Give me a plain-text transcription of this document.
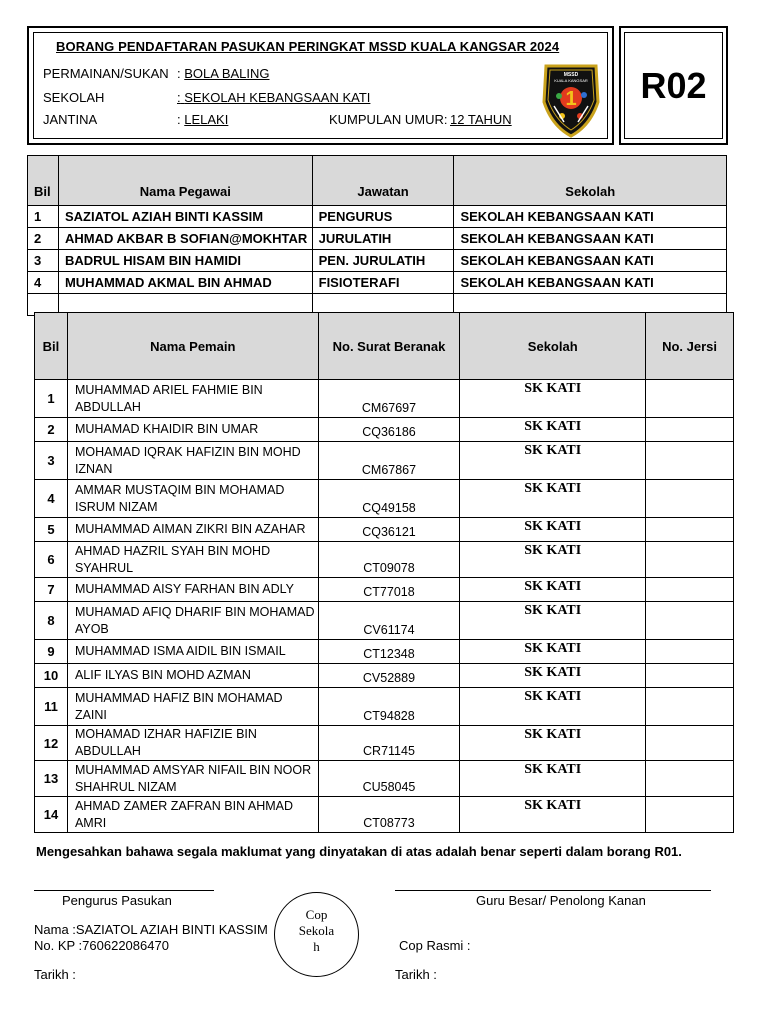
R02
BORANG PENDAFTARAN PASUKAN PERINGKAT MSSD KUALA KANGSAR 2024
PERMAINAN/SUKAN : BOLA BALING
SEKOLAH	: SEKOLAH KEBANGSAAN KATI
JANTINA	: LELAKI	KUMPULAN UMUR: 12 TAHUN
MSSD
KUALA KANGSAR
1
Bil	Nama Pegawai	Jawatan	Sekolah
1	SAZIATOL AZIAH BINTI KASSIM	PENGURUS	SEKOLAH KEBANGSAAN KATI
2	AHMAD AKBAR B SOFIAN@MOKHTAR	JURULATIH	SEKOLAH KEBANGSAAN KATI
3	BADRUL HISAM BIN HAMIDI	PEN. JURULATIH	SEKOLAH KEBANGSAAN KATI
4	MUHAMMAD AKMAL BIN AHMAD	FISIOTERAFI	SEKOLAH KEBANGSAAN KATI

Bil	Nama Pemain	No. Surat Beranak	Sekolah	No. Jersi
1	MUHAMMAD ARIEL FAHMIE BIN ABDULLAH	CM67697	SK KATI	
2	MUHAMAD KHAIDIR BIN UMAR	CQ36186	SK KATI	
3	MOHAMAD IQRAK HAFIZIN BIN MOHD IZNAN	CM67867	SK KATI	
4	AMMAR MUSTAQIM BIN MOHAMAD ISRUM NIZAM	CQ49158	SK KATI	
5	MUHAMMAD AIMAN ZIKRI BIN AZAHAR	CQ36121	SK KATI	
6	AHMAD HAZRIL SYAH BIN MOHD SYAHRUL	CT09078	SK KATI	
7	MUHAMMAD AISY FARHAN BIN ADLY	CT77018	SK KATI	
8	MUHAMAD AFIQ DHARIF BIN MOHAMAD AYOB	CV61174	SK KATI	
9	MUHAMMAD ISMA AIDIL BIN ISMAIL	CT12348	SK KATI	
10	ALIF ILYAS BIN MOHD AZMAN	CV52889	SK KATI	
11	MUHAMMAD HAFIZ BIN MOHAMAD ZAINI	CT94828	SK KATI	
12	MOHAMAD IZHAR HAFIZIE BIN ABDULLAH	CR71145	SK KATI	
13	MUHAMMAD AMSYAR NIFAIL BIN NOOR SHAHRUL NIZAM	CU58045	SK KATI	
14	AHMAD ZAMER ZAFRAN BIN AHMAD AMRI	CT08773	SK KATI	
Mengesahkan bahawa segala maklumat yang dinyatakan di atas adalah benar seperti dalam borang R01.
Pengurus Pasukan
Nama :SAZIATOL AZIAH BINTI KASSIM
No. KP :760622086470
Tarikh :
Cop
Sekola
h
Guru Besar/ Penolong Kanan
Cop Rasmi :
Tarikh :
